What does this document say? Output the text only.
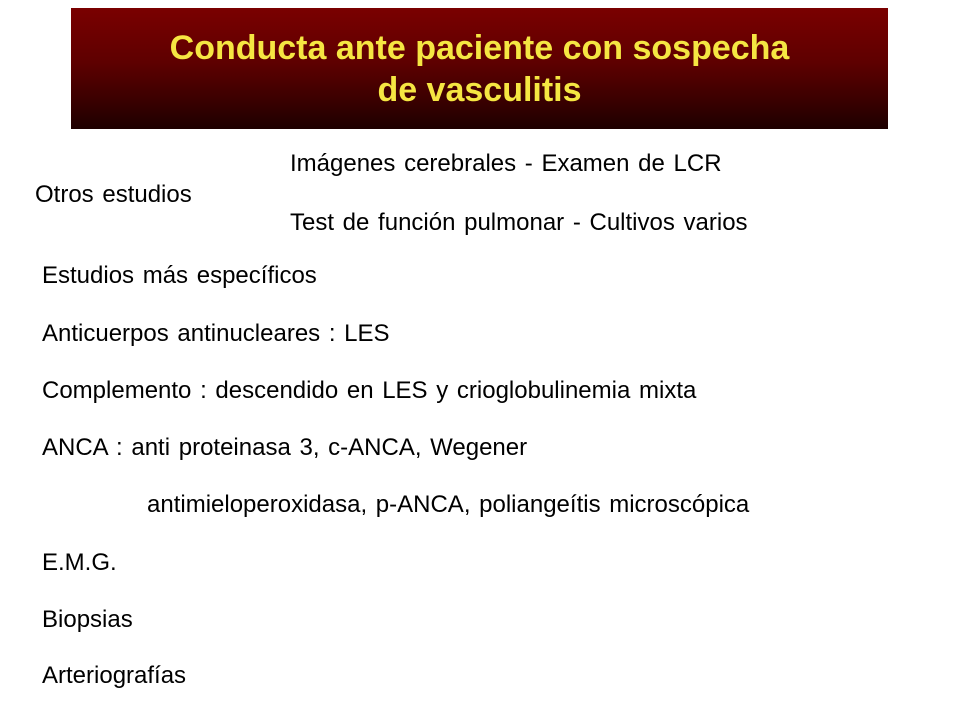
Conducta ante paciente con sospecha
de vasculitis
Imágenes cerebrales - Examen de LCR
Otros estudios
Test de función pulmonar - Cultivos varios
Estudios más específicos
Anticuerpos antinucleares : LES
Complemento : descendido en LES y crioglobulinemia mixta
ANCA : anti proteinasa 3, c-ANCA, Wegener
antimieloperoxidasa, p-ANCA, poliangeítis microscópica
E.M.G.
Biopsias
Arteriografías
